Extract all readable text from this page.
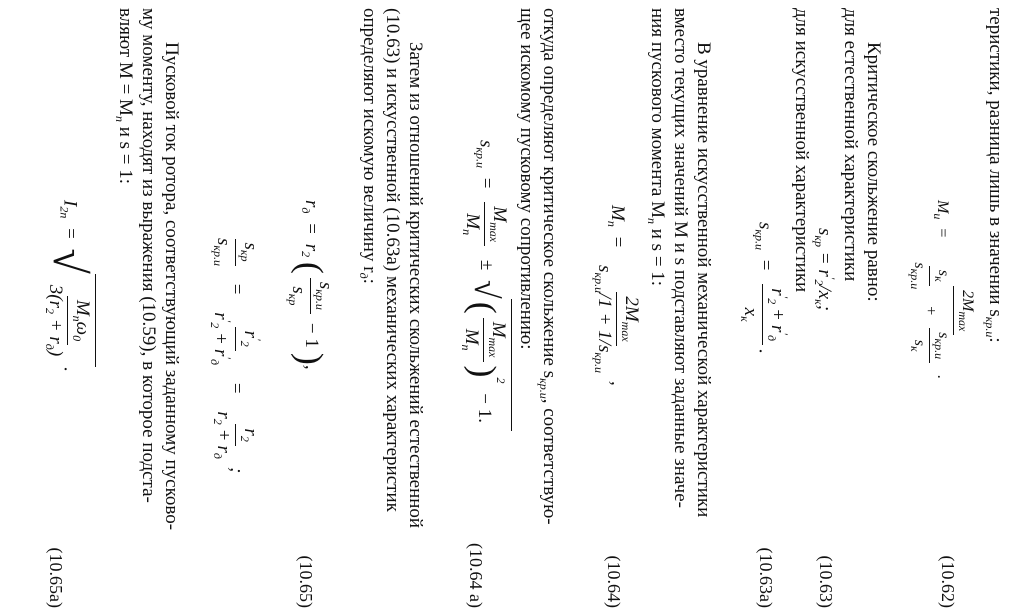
теристики, разница лишь в значении $s_{кр.и}$:
$M_и$ =
$2M_{max}$
$s_к$
$s_{кр.и}$
+
$s_{кр.и}$
$s_к$
.
(10.62)
Критическое скольжение равно:
для естественной характеристики
$s_{кр} = r'_2/x_к$;
(10.63)
для искусственной характеристики
$s_{кр.и}$ =
$r'_2+r'_д$
$x_к$
.
(10.63а)
В уравнение искусственной механической характеристики
вместо текущих значений M и s подставляют заданные значе-
ния пускового момента $M_п$ и s = 1:
$M_п$ =
$2M_{max}$
$s_{кр.и}/1 + 1/s_{кр.и}$
,
(10.64)
откуда определяют критическое скольжение $s_{кр.и}$, соответствую-
щее искомому пусковому сопротивлению:
$s_{кр.и}$ =
$M_{max}$
$M_п$
±
√
(
$M_{max}$
$M_п$
)$^2$ − 1.
(10.64 а)
Затем из отношений критических скольжений естественной
(10.63) и искусственной (10.63а) механических характеристик
определяют искомую величину $r_д$:
$r_д = r_2$ (
$s_{кр.и}$
$s_{кр}$
− 1),
(10.65)
$s_{кр}$
$s_{кр.и}$
=
$r'_2$
$r'_2+r'_д$
=
$r_2$
$r_2+r_д$
;
Пусковой ток ротора, соответствующий заданному пусково-
му моменту, находят из выражения (10.59), в которое подста-
вляют $M = M_п$ и s = 1:
$I_{2п}$ =
√
$M_п\omega_0$
$3(r_2 + r_д)$
.
(10.65а)
